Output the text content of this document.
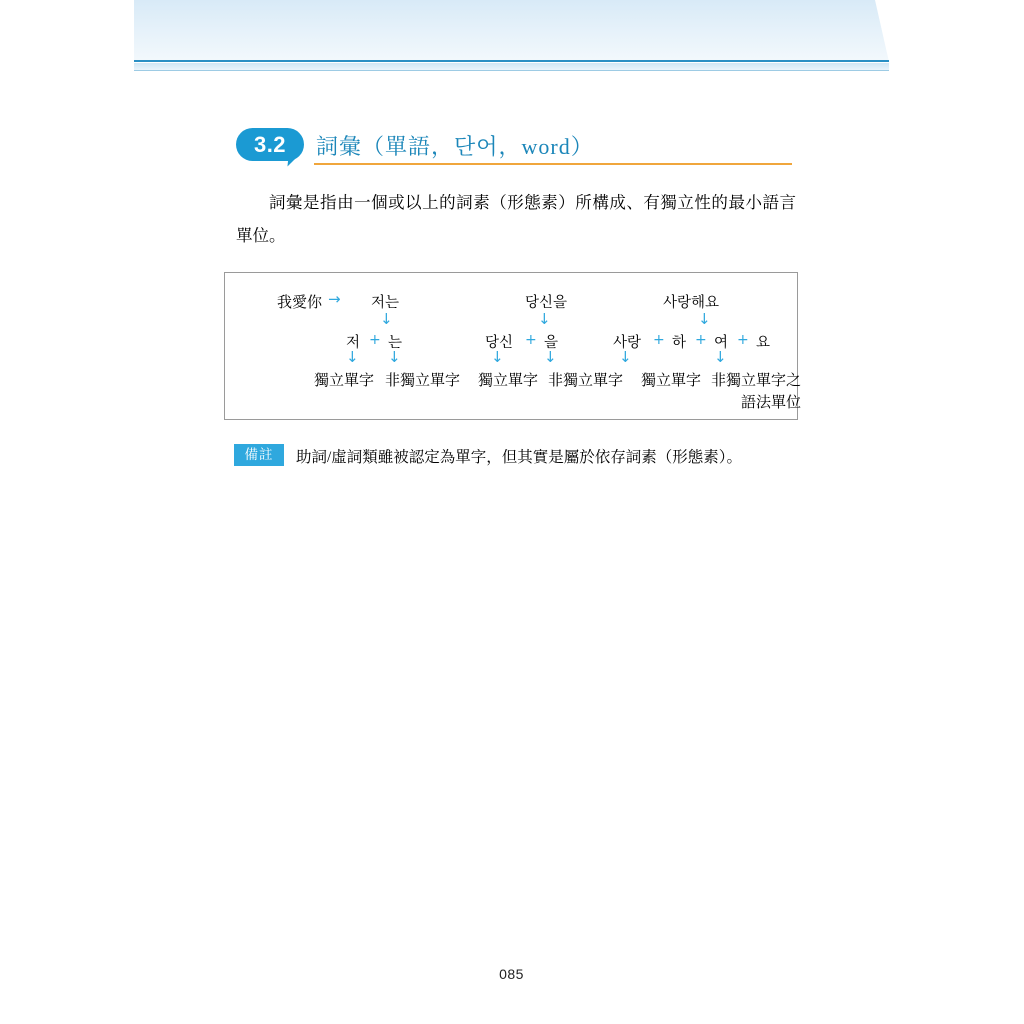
3.2	詞彙（單語，단어，word）
詞彙是指由一個或以上的詞素（形態素）所構成、有獨立性的最小語言單位。
我愛你 → 저는	당신을	사랑해요
↓	↓	↓
저 + 는	당신 + 을	사랑 + 하 + 여 + 요
↓ ↓	↓	↓	↓	↓
獨立單字 非獨立單字 獨立單字 非獨立單字 獨立單字 非獨立單字之
語法單位
備註	助詞/虛詞類雖被認定為單字，但其實是屬於依存詞素（形態素）。
085
